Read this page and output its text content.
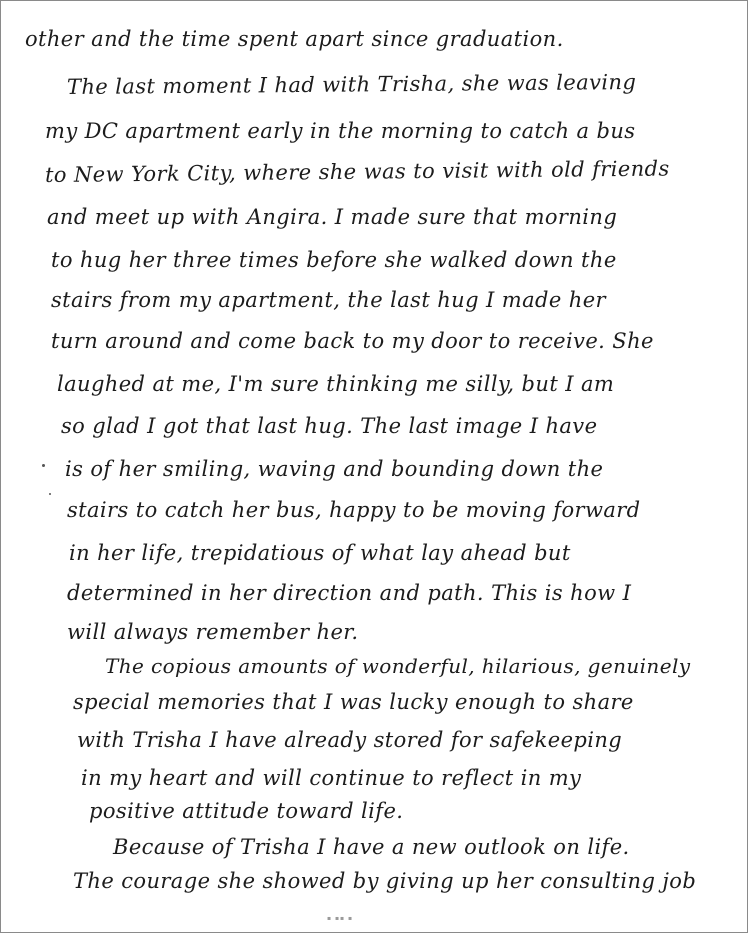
other and the time spent apart since graduation.
The last moment I had with Trisha, she was leaving
my DC apartment early in the morning to catch a bus
to New York City, where she was to visit with old friends
and meet up with Angira. I made sure that morning
to hug her three times before she walked down the
stairs from my apartment, the last hug I made her
turn around and come back to my door to receive. She
laughed at me, I'm sure thinking me silly, but I am
so glad I got that last hug. The last image I have
is of her smiling, waving and bounding down the
stairs to catch her bus, happy to be moving forward
in her life, trepidatious of what lay ahead but
determined in her direction and path. This is how I
will always remember her.
The copious amounts of wonderful, hilarious, genuinely
special memories that I was lucky enough to share
with Trisha I have already stored for safekeeping
in my heart and will continue to reflect in my
positive attitude toward life.
Because of Trisha I have a new outlook on life.
The courage she showed by giving up her consulting job
▪ ▪▪ ▪
